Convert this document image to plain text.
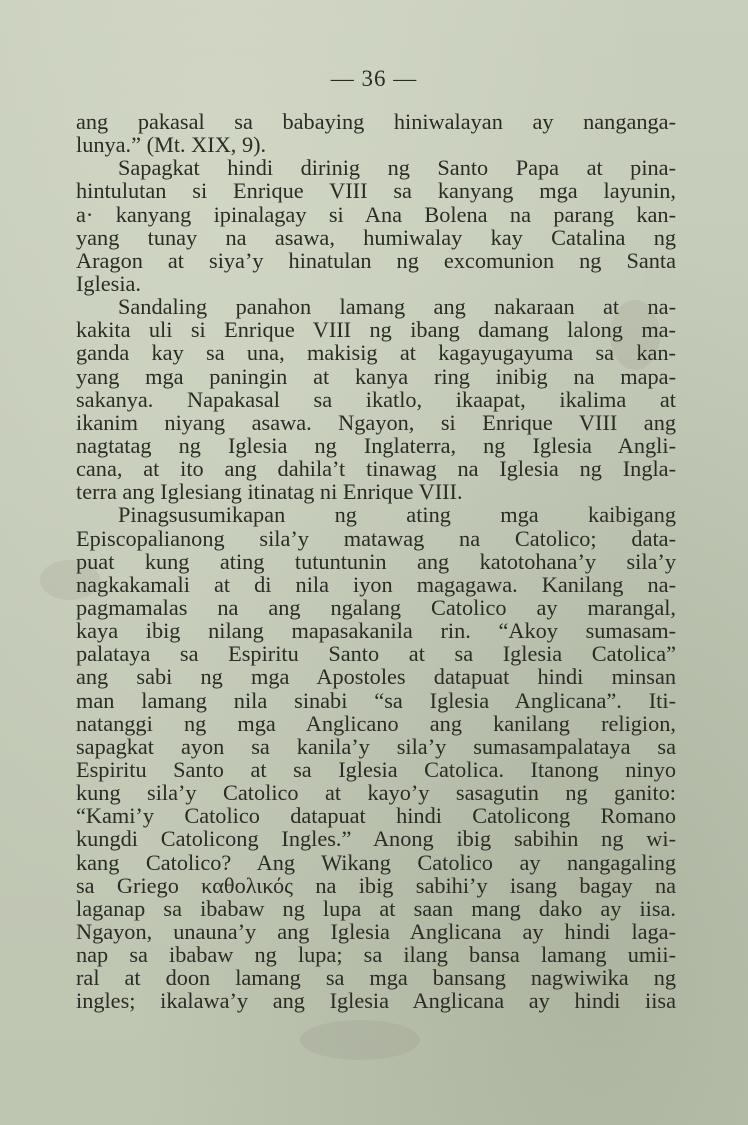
— 36 —
ang pakasal sa babaying hiniwalayan ay nanganga-
lunya.” (Mt. XIX, 9).
Sapagkat hindi dirinig ng Santo Papa at pina-
hintulutan si Enrique VIII sa kanyang mga layunin,
a· kanyang ipinalagay si Ana Bolena na parang kan-
yang tunay na asawa, humiwalay kay Catalina ng
Aragon at siya’y hinatulan ng excomunion ng Santa
Iglesia.
Sandaling panahon lamang ang nakaraan at na-
kakita uli si Enrique VIII ng ibang damang lalong ma-
ganda kay sa una, makisig at kagayugayuma sa kan-
yang mga paningin at kanya ring inibig na mapa-
sakanya. Napakasal sa ikatlo, ikaapat, ikalima at
ikanim niyang asawa. Ngayon, si Enrique VIII ang
nagtatag ng Iglesia ng Inglaterra, ng Iglesia Angli-
cana, at ito ang dahila’t tinawag na Iglesia ng Ingla-
terra ang Iglesiang itinatag ni Enrique VIII.
Pinagsusumikapan ng ating mga kaibigang
Episcopalianong sila’y matawag na Catolico; data-
puat kung ating tutuntunin ang katotohana’y sila’y
nagkakamali at di nila iyon magagawa. Kanilang na-
pagmamalas na ang ngalang Catolico ay marangal,
kaya ibig nilang mapasakanila rin. “Akoy sumasam-
palataya sa Espiritu Santo at sa Iglesia Catolica”
ang sabi ng mga Apostoles datapuat hindi minsan
man lamang nila sinabi “sa Iglesia Anglicana”. Iti-
natanggi ng mga Anglicano ang kanilang religion,
sapagkat ayon sa kanila’y sila’y sumasampalataya sa
Espiritu Santo at sa Iglesia Catolica. Itanong ninyo
kung sila’y Catolico at kayo’y sasagutin ng ganito:
“Kami’y Catolico datapuat hindi Catolicong Romano
kungdi Catolicong Ingles.” Anong ibig sabihin ng wi-
kang Catolico? Ang Wikang Catolico ay nangagaling
sa Griego καθολικός na ibig sabihi’y isang bagay na
laganap sa ibabaw ng lupa at saan mang dako ay iisa.
Ngayon, unauna’y ang Iglesia Anglicana ay hindi laga-
nap sa ibabaw ng lupa; sa ilang bansa lamang umii-
ral at doon lamang sa mga bansang nagwiwika ng
ingles; ikalawa’y ang Iglesia Anglicana ay hindi iisa
